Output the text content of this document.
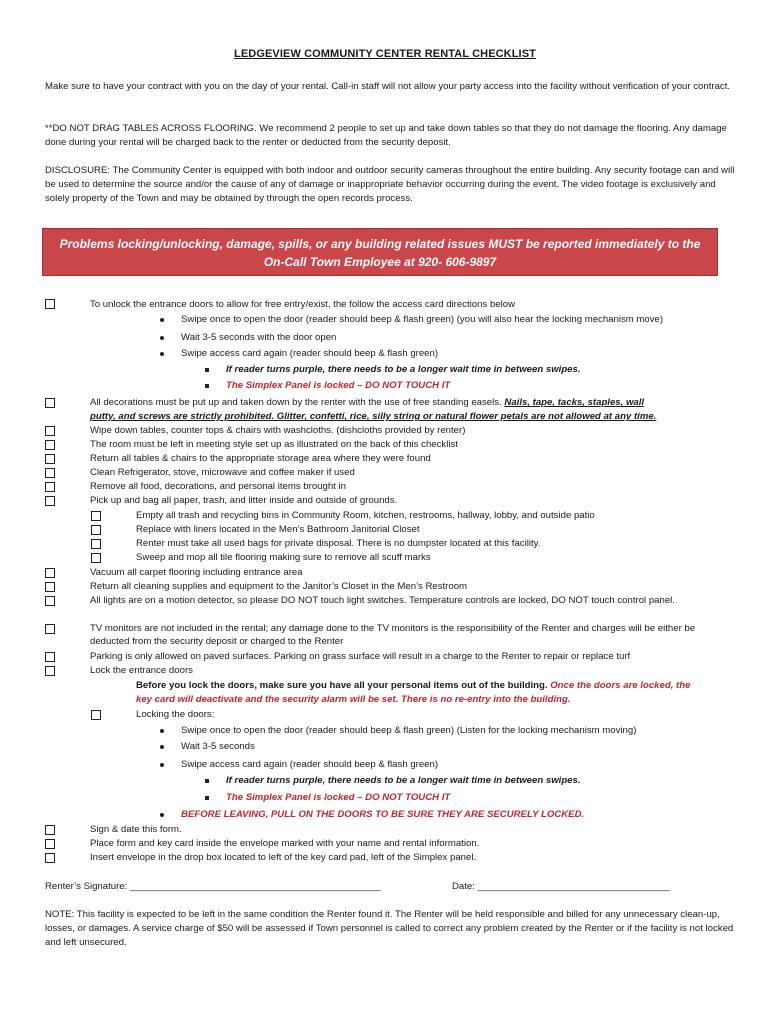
LEDGEVIEW COMMUNITY CENTER RENTAL CHECKLIST
Make sure to have your contract with you on the day of your rental. Call-in staff will not allow your party access into the facility without verification of your contract.
**DO NOT DRAG TABLES ACROSS FLOORING. We recommend 2 people to set up and take down tables so that they do not damage the flooring. Any damage done during your rental will be charged back to the renter or deducted from the security deposit.
DISCLOSURE: The Community Center is equipped with both indoor and outdoor security cameras throughout the entire building. Any security footage can and will be used to determine the source and/or the cause of any of damage or inappropriate behavior occurring during the event. The video footage is exclusively and solely property of the Town and may be obtained by through the open records process.
Problems locking/unlocking, damage, spills, or any building related issues MUST be reported immediately to the
On-Call Town Employee at 920- 606-9897
To unlock the entrance doors to allow for free entry/exist, the follow the access card directions below
Swipe once to open the door (reader should beep & flash green) (you will also hear the locking mechanism move)
Wait 3-5 seconds with the door open
Swipe access card again (reader should beep & flash green)
If reader turns purple, there needs to be a longer wait time in between swipes.
The Simplex Panel is locked – DO NOT TOUCH IT
All decorations must be put up and taken down by the renter with the use of free standing easels. Nails, tape, tacks, staples, wall
putty, and screws are strictly prohibited. Glitter, confetti, rice, silly string or natural flower petals are not allowed at any time.
Wipe down tables, counter tops & chairs with washcloths. (dishcloths provided by renter)
The room must be left in meeting style set up as illustrated on the back of this checklist
Return all tables & chairs to the appropriate storage area where they were found
Clean Refrigerator, stove, microwave and coffee maker if used
Remove all food, decorations, and personal items brought in
Pick up and bag all paper, trash, and litter inside and outside of grounds.
Empty all trash and recycling bins in Community Room, kitchen, restrooms, hallway, lobby, and outside patio
Replace with liners located in the Men’s Bathroom Janitorial Closet
Renter must take all used bags for private disposal. There is no dumpster located at this facility.
Sweep and mop all tile flooring making sure to remove all scuff marks
Vacuum all carpet flooring including entrance area
Return all cleaning supplies and equipment to the Janitor’s Closet in the Men’s Restroom
All lights are on a motion detector, so please DO NOT touch light switches. Temperature controls are locked, DO NOT touch control panel.
TV monitors are not included in the rental; any damage done to the TV monitors is the responsibility of the Renter and charges will be either be deducted from the security deposit or charged to the Renter
Parking is only allowed on paved surfaces. Parking on grass surface will result in a charge to the Renter to repair or replace turf
Lock the entrance doors
Before you lock the doors, make sure you have all your personal items out of the building. Once the doors are locked, the
key card will deactivate and the security alarm will be set. There is no re-entry into the building.
Locking the doors:
Swipe once to open the door (reader should beep & flash green) (Listen for the locking mechanism moving)
Wait 3-5 seconds
Swipe access card again (reader should beep & flash green)
If reader turns purple, there needs to be a longer wait time in between swipes.
The Simplex Panel is locked – DO NOT TOUCH IT
BEFORE LEAVING, PULL ON THE DOORS TO BE SURE THEY ARE SECURELY LOCKED.
Sign & date this form.
Place form and key card inside the envelope marked with your name and rental information.
Insert envelope in the drop box located to left of the key card pad, left of the Simplex panel.
Renter’s Signature: _______________________________________________	Date: ____________________________________
NOTE: This facility is expected to be left in the same condition the Renter found it. The Renter will be held responsible and billed for any unnecessary clean-up, losses, or damages. A service charge of $50 will be assessed if Town personnel is called to correct any problem created by the Renter or if the facility is not locked and left unsecured.
